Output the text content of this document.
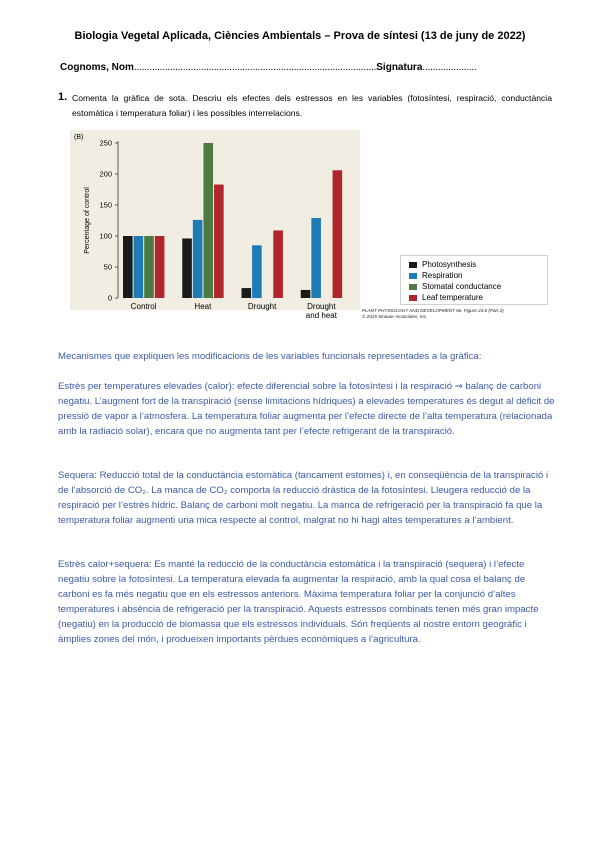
Biologia Vegetal Aplicada, Ciències Ambientals – Prova de síntesi (13 de juny de 2022)
Cognoms, Nom..............................................................................................Signatura.....................
1. Comenta la gràfica de sota. Descriu els efectes dels estressos en les variables (fotosíntesi, respiració, conductància estomàtica i temperatura foliar) i les possibles interrelacions.
(B)
0
50
100
150
200
250
Percentage of control
Control	Heat	Drought	Drought
and heat
Photosynthesis
Respiration
Stomatal conductance
Leaf temperature
PLANT PHYSIOLOGY AND DEVELOPMENT 6e, Figure 24.6 (Part 2)
© 2015 Sinauer Associates, Inc.
Mecanismes que expliquen les modificacions de les variables funcionals representades a la gràfica:
Estrès per temperatures elevades (calor): efecte diferencial sobre la fotosíntesi i la respiració ⇒ balanç de carboni negatiu. L’augment fort de la transpiració (sense limitacions hídriques) a elevades temperatures és degut al dèficit de pressió de vapor a l’atmosfera. La temperatura foliar augmenta per l’efecte directe de l’alta temperatura (relacionada amb la radiació solar), encara que no augmenta tant per l’efecte refrigerant de la transpiració.
Sequera: Reducció total de la conductància estomàtica (tancament estomes) i, en conseqüència de la transpiració i de l’absorció de CO₂. La manca de CO₂ comporta la reducció dràstica de la fotosíntesi. Lleugera reducció de la respiració per l’estrès hídric. Balanç de carboni molt negatiu. La manca de refrigeració per la transpiració fa que la temperatura foliar augmenti una mica respecte al control, malgrat no hi hagi altes temperatures a l’ambient.
Estrès calor+sequera: Es manté la reducció de la conductància estomàtica i la transpiració (sequera) i l’efecte negatiu sobre la fotosíntesi. La temperatura elevada fa augmentar la respiració, amb la qual cosa el balanç de carboni es fa més negatiu que en els estressos anteriors. Màxima temperatura foliar per la conjunció d’altes temperatures i absència de refrigeració per la transpiració. Aquests estressos combinats tenen més gran impacte (negatiu) en la producció de biomassa que els estressos individuals. Són freqüents al nostre entorn geogràfic i àmplies zones del món, i produeixen importants pèrdues econòmiques a l’agricultura.
